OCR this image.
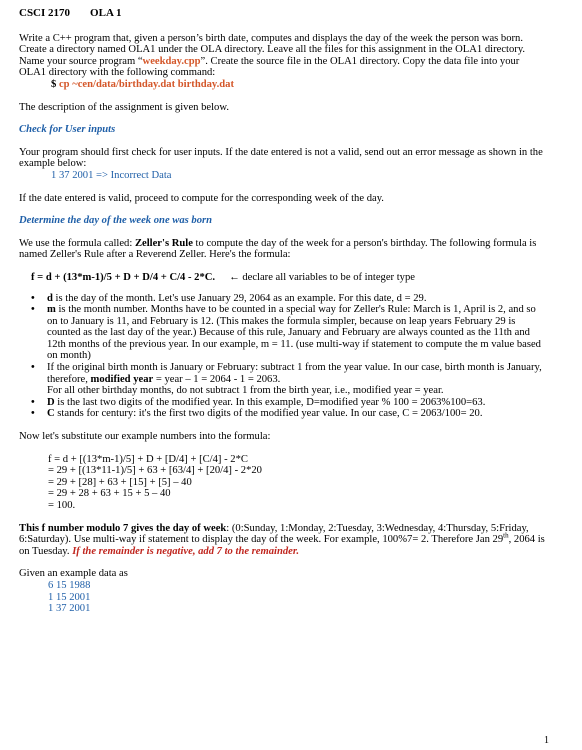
CSCI 2170 OLA 1

Write a C++ program that, given a person’s birth date, computes and displays the day of the week the person was born. Create a directory named OLA1 under the OLA directory. Leave all the files for this assignment in the OLA1 directory. Name your source program “weekday.cpp”. Create the source file in the OLA1 directory. Copy the data file into your OLA1 directory with the following command:

$ cp ~cen/data/birthday.dat birthday.dat

The description of the assignment is given below.

Check for User inputs

Your program should first check for user inputs. If the date entered is not a valid, send out an error message as shown in the example below:

1 37 2001 => Incorrect Data

If the date entered is valid, proceed to compute for the corresponding week of the day.

Determine the day of the week one was born

We use the formula called: Zeller's Rule to compute the day of the week for a person's birthday. The following formula is named Zeller's Rule after a Reverend Zeller. Here's the formula:

f = d + (13*m-1)/5 + D + D/4 + C/4 - 2*C. ← declare all variables to be of integer type

• d is the day of the month. Let's use January 29, 2064 as an example. For this date, d = 29.
• m is the month number. Months have to be counted in a special way for Zeller's Rule: March is 1, April is 2, and so on to January is 11, and February is 12. (This makes the formula simpler, because on leap years February 29 is counted as the last day of the year.) Because of this rule, January and February are always counted as the 11th and 12th months of the previous year. In our example, m = 11. (use multi-way if statement to compute the m value based on month)
• If the original birth month is January or February: subtract 1 from the year value. In our case, birth month is January, therefore, modified year = year – 1 = 2064 - 1 = 2063.
For all other birthday months, do not subtract 1 from the birth year, i.e., modified year = year.
• D is the last two digits of the modified year. In this example, D=modified year % 100 = 2063%100=63.
• C stands for century: it's the first two digits of the modified year value. In our case, C = 2063/100= 20.

Now let's substitute our example numbers into the formula:

f = d + [(13*m-1)/5] + D + [D/4] + [C/4] - 2*C
= 29 + [(13*11-1)/5] + 63 + [63/4] + [20/4] - 2*20
= 29 + [28] + 63 + [15] + [5] – 40
= 29 + 28 + 63 + 15 + 5 – 40
= 100.

This f number modulo 7 gives the day of week: (0:Sunday, 1:Monday, 2:Tuesday, 3:Wednesday, 4:Thursday, 5:Friday, 6:Saturday). Use multi-way if statement to display the day of the week. For example, 100%7= 2. Therefore Jan 29th, 2064 is on Tuesday. If the remainder is negative, add 7 to the remainder.

Given an example data as

6 15 1988
1 15 2001
1 37 2001
1
